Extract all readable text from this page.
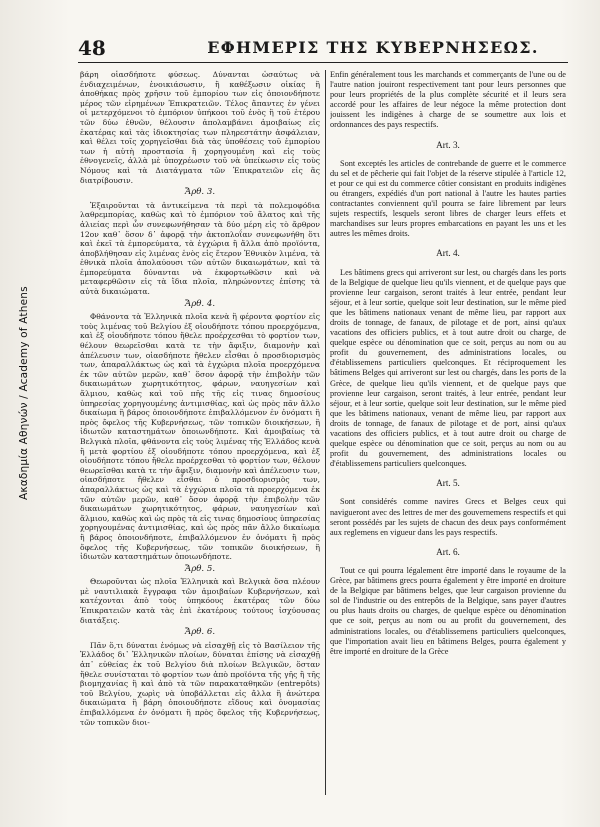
Ακαδημία Αθηνών / Academy of Athens
48	ΕΦΗΜΕΡΙΣ ΤΗΣ ΚΥΒΕΡΝΗΣΕΩΣ.

βάρη οἱασδήποτε φύσεως. Δύνανται ὡσαύτως νὰ ἐνδιαχειμένων, ἐνοικιάσωσιν, ἢ καθέξωσιν οἰκίας ἢ ἀποθήκας πρὸς χρῆσιν τοῦ ἐμπορίου των εἰς ὁποιονδήποτε μέρος τῶν εἰρημένων Ἐπικρατειῶν. Τέλος ἅπαντες ἐν γένει οἱ μετερχόμενοι τὸ ἐμπόριον ὑπήκοοι τοῦ ἑνὸς ἢ τοῦ ἑτέρου τῶν δύω ἐθνῶν, θέλουσιν ἀπολαμβάνει ἀμοιβαίως εἰς ἑκατέρας καὶ τὰς ἰδιοκτησίας των πληρεστάτην ἀσφάλειαν, καὶ θέλει τοῖς χορηγεῖσθαι διὰ τὰς ὑποθέσεις τοῦ ἐμπορίου των ἡ αὐτὴ προστασία ἢ χορηγουμένη καὶ εἰς τοὺς ἐθνογενεῖς, ἀλλὰ μὲ ὑποχρέωσιν τοῦ νὰ ὑπείκωσιν εἰς τοὺς Νόμους καὶ τὰ Διατάγματα τῶν Ἐπικρατειῶν εἰς ἃς διατρίβουσιν.

Ἄρθ. 3.

Ἐξαιροῦνται τὰ ἀντικείμενα τὰ περὶ τὰ πολεμοφόδια λαθρεμπορίας, καθὼς καὶ τὸ ἐμπόριον τοῦ ἅλατος καὶ τῆς ἁλιείας περὶ ὧν συνεφωνήθησαν τὰ δύο μέρη εἰς τὸ ἄρθρον 12ον καθ᾽ ὅσον δ᾽ ἀφορᾷ τὴν ἀκτοπλοΐαν συνεφωνήθη ὅτι καὶ ἐκεῖ τὰ ἐμπορεύματα, τὰ ἐγχώρια ἢ ἄλλα ἀπὸ προϊόντα, ἀποβλήθησαν εἰς λιμένας ἑνὸς εἰς ἕτερον Ἐθνικὸν λιμένα, τὰ ἐθνικὰ πλοῖα ἀπολαύουσι τῶν αὐτῶν δικαιωμάτων, καὶ τὰ ἐμπορεύματα δύνανται νὰ ἐκφορτωθῶσιν καὶ νὰ μεταφερθῶσιν εἰς τὰ ἴδια πλοῖα, πληρώνοντες ἐπίσης τὰ αὐτὰ δικαιώματα.

Ἄρθ. 4.

Φθάνοντα τὰ Ἑλληνικὰ πλοῖα κενὰ ἢ φέροντα φορτίον εἰς τοὺς λιμένας τοῦ Βελγίου ἐξ οἱουδήποτε τόπου προερχόμενα, καὶ ἐξ οἱουδήποτε τόπου ἤθελε προέρχεσθαι τὸ φορτίον των, θέλουν θεωρεῖσθαι κατὰ τε τὴν ἄφιξιν, διαμονὴν καὶ ἀπέλευσιν των, οἱασδήποτε ἤθελεν εἶσθαι ὁ προσδιορισμὸς των, ἀπαραλλάκτως ὡς καὶ τὰ ἐγχώρια πλοῖα προερχόμενα ἐκ τῶν αὐτῶν μερῶν, καθ᾽ ὅσον ἀφορᾷ τὴν ἐπιβολὴν τῶν δικαιωμάτων χωρητικότητος, φάρων, ναυηγεσίων καὶ ἄλμιου, καθὼς καὶ τοῦ πῆς τῆς εἰς τινας δημοσίους ὑπηρεσίας χορηγουμένης ἀντιμισθίας, καὶ ὡς πρὸς πᾶν ἄλλο δικαίωμα ἢ βάρος ὁποιονδήποτε ἐπιβαλλόμενον ἐν ὀνόματι ἢ πρὸς ὄφελος τῆς Κυβερνήσεως, τῶν τοπικῶν διοικήσεων, ἢ ἰδιωτῶν καταστημάτων ὁποιωνδήποτε. Καὶ ἀμοιβαίως τὰ Βελγικὰ πλοῖα, φθάνοντα εἰς τοὺς λιμένας τῆς Ἑλλάδος κενὰ ἢ μετὰ φορτίου ἐξ οἱουδήποτε τόπου προερχόμενα, καὶ ἐξ οἱουδήποτε τόπου ἤθελε προέρχεσθαι τὸ φορτίον των, θέλουν θεωρεῖσθαι κατὰ τε τὴν ἄφιξιν, διαμονὴν καὶ ἀπέλευσιν των, οἱασδήποτε ἤθελεν εἶσθαι ὁ προσδιορισμὸς των, ἀπαραλλάκτως ὡς καὶ τὰ ἐγχώρια πλοῖα τὰ προερχόμενα ἐκ τῶν αὐτῶν μερῶν, καθ᾽ ὅσον ἀφορᾷ τὴν ἐπιβολὴν τῶν δικαιωμάτων χωρητικότητος, φάρων, ναυηγεσίων καὶ ἄλμιου, καθὼς καὶ ὡς πρὸς τὰ εἰς τινας δημοσίους ὑπηρεσίας χορηγουμένας ἀντιμισθίας, καὶ ὡς πρὸς πᾶν ἄλλο δικαίωμα ἢ βάρος ὁποιονδήποτε, ἐπιβαλλόμενον ἐν ὀνόματι ἢ πρὸς ὄφελος τῆς Κυβερνήσεως, τῶν τοπικῶν διοικήσεων, ἢ ἰδιωτῶν καταστημάτων ὁποιωνδήποτε.

Ἄρθ. 5.

Θεωροῦνται ὡς πλοῖα Ἑλληνικὰ καὶ Βελγικὰ ὅσα πλέουν μὲ ναυτιλιακὰ ἔγγραφα τῶν ἀμοιβαίων Κυβερνήσεων, καὶ κατέχονται ἀπὸ τοὺς ὑπηκόους ἑκατέρας τῶν δύω Ἐπικρατειῶν κατὰ τὰς ἐπὶ ἑκατέρους τούτους ἰσχύουσας διατάξεις.

Ἄρθ. 6.

Πᾶν ὅ,τι δύναται ἐνόμως νὰ εἰσαχθῇ εἰς τὸ Βασίλειον τῆς Ἑλλάδος δι᾽ Ἑλληνικῶν πλοίων, δύναται ἐπίσης νὰ εἰσαχθῇ ἀπ᾽ εὐθείας ἐκ τοῦ Βελγίου διὰ πλοίων Βελγικῶν, ὅσταν ἤθελε συνίσταται τὸ φορτίον των ἀπὸ προϊόντα τῆς γῆς ἢ τῆς βιομηχανίας ἢ καὶ ἀπὸ τὰ τῶν παρακαταθηκῶν (entrepôts) τοῦ Βελγίου, χωρὶς νὰ ὑποβάλλεται εἰς ἄλλα ἢ ἀνώτερα δικαιώματα ἢ βάρη ὁποιουδήποτε εἴδους καὶ ὀνομασίας ἐπιβαλλόμενα ἐν ὀνόματι ἢ πρὸς ὄφελος τῆς Κυβερνήσεως, τῶν τοπικῶν διοι-

Enfin généralement tous les marchands et commerçants de l'une ou de l'autre nation jouiront respectivement tant pour leurs personnes que pour leurs propriétés de la plus complète sécurité et il leurs sera accordé pour les affaires de leur négoce la même protection dont jouissent les indigènes à charge de se soumettre aux lois et ordonnances des pays respectifs.

Art. 3.

Sont exceptés les articles de contrebande de guerre et le commerce du sel et de pêcherie qui fait l'objet de la réserve stipulée à l'article 12, et pour ce qui est du commerce côtier consistant en produits indigènes ou étrangers, expédiés d'un port national à l'autre les hautes parties contractantes conviennent qu'il pourra se faire librement par leurs sujets respectifs, lesquels seront libres de charger leurs effets et marchandises sur leurs propres embarcations en payant les uns et les autres les mêmes droits.

Art. 4.

Les bâtimens grecs qui arriveront sur lest, ou chargés dans les ports de la Belgique de quelque lieu qu'ils viennent, et de quelque pays que provienne leur cargaison, seront traités à leur entrée, pendant leur séjour, et à leur sortie, quelque soit leur destination, sur le même pied que les bâtimens nationaux venant de même lieu, par rapport aux droits de tonnage, de fanaux, de pilotage et de port, ainsi qu'aux vacations des officiers publics, et à tout autre droit ou charge, de quelque espèce ou dénomination que ce soit, perçus au nom ou au profit du gouvernement, des administrations locales, ou d'établissemens particuliers quelconques. Et réciproquement les bâtimens Belges qui arriveront sur lest ou chargés, dans les ports de la Grèce, de quelque lieu qu'ils viennent, et de quelque pays que provienne leur cargaison, seront traités, à leur entrée, pendant leur séjour, et à leur sortie, quelque soit leur destination, sur le même pied que les bâtimens nationaux, venant de même lieu, par rapport aux droits de tonnage, de fanaux de pilotage et de port, ainsi qu'aux vacations des officiers publics, et à tout autre droit ou charge de quelque espèce ou dénomination que ce soit, perçus au nom ou au profit du gouvernement, des administrations locales ou d'établissemens particuliers quelconques.

Art. 5.

Sont considérés comme navires Grecs et Belges ceux qui navigueront avec des lettres de mer des gouvernemens respectifs et qui seront possédés par les sujets de chacun des deux pays conformément aux reglemens en vigueur dans les pays respectifs.

Art. 6.

Tout ce qui pourra légalement être importé dans le royaume de la Grèce, par bâtimens grecs pourra également y être importé en droiture de la Belgique par bâtimens belges, que leur cargaison provienne du sol de l'industrie ou des entrepôts de la Belgique, sans payer d'autres ou plus hauts droits ou charges, de quelque espèce ou dénomination que ce soit, perçus au nom ou au profit du gouvernement, des administrations locales, ou d'établissemens particuliers quelconques, que l'importation avait lieu en bâtimens Belges, pourra également y être importé en droiture de la Grèce
